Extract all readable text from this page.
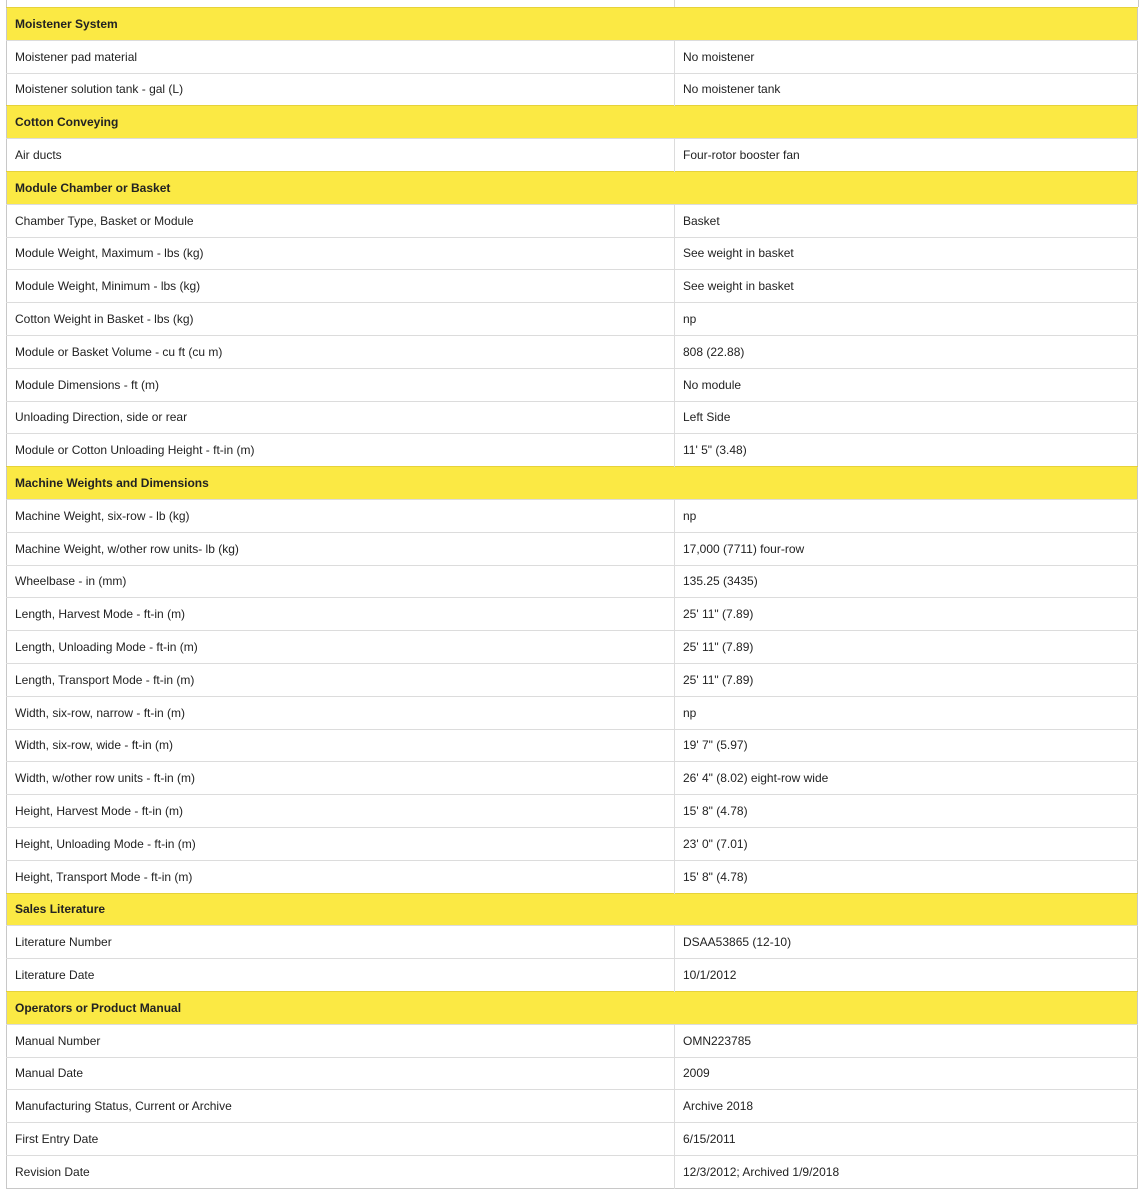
Moistener System	
Moistener pad material	No moistener
Moistener solution tank - gal (L)	No moistener tank
Cotton Conveying	
Air ducts	Four-rotor booster fan
Module Chamber or Basket	
Chamber Type, Basket or Module	Basket
Module Weight, Maximum - lbs (kg)	See weight in basket
Module Weight, Minimum - lbs (kg)	See weight in basket
Cotton Weight in Basket - lbs (kg)	np
Module or Basket Volume - cu ft (cu m)	808 (22.88)
Module Dimensions - ft (m)	No module
Unloading Direction, side or rear	Left Side
Module or Cotton Unloading Height - ft-in (m)	11' 5" (3.48)
Machine Weights and Dimensions	
Machine Weight, six-row - lb (kg)	np
Machine Weight, w/other row units- lb (kg)	17,000 (7711) four-row
Wheelbase - in (mm)	135.25 (3435)
Length, Harvest Mode - ft-in (m)	25' 11" (7.89)
Length, Unloading Mode - ft-in (m)	25' 11" (7.89)
Length, Transport Mode - ft-in (m)	25' 11" (7.89)
Width, six-row, narrow - ft-in (m)	np
Width, six-row, wide - ft-in (m)	19' 7" (5.97)
Width, w/other row units - ft-in (m)	26' 4" (8.02) eight-row wide
Height, Harvest Mode - ft-in (m)	15' 8" (4.78)
Height, Unloading Mode - ft-in (m)	23' 0" (7.01)
Height, Transport Mode - ft-in (m)	15' 8" (4.78)
Sales Literature	
Literature Number	DSAA53865 (12-10)
Literature Date	10/1/2012
Operators or Product Manual	
Manual Number	OMN223785
Manual Date	2009
Manufacturing Status, Current or Archive	Archive 2018
First Entry Date	6/15/2011
Revision Date	12/3/2012; Archived 1/9/2018
